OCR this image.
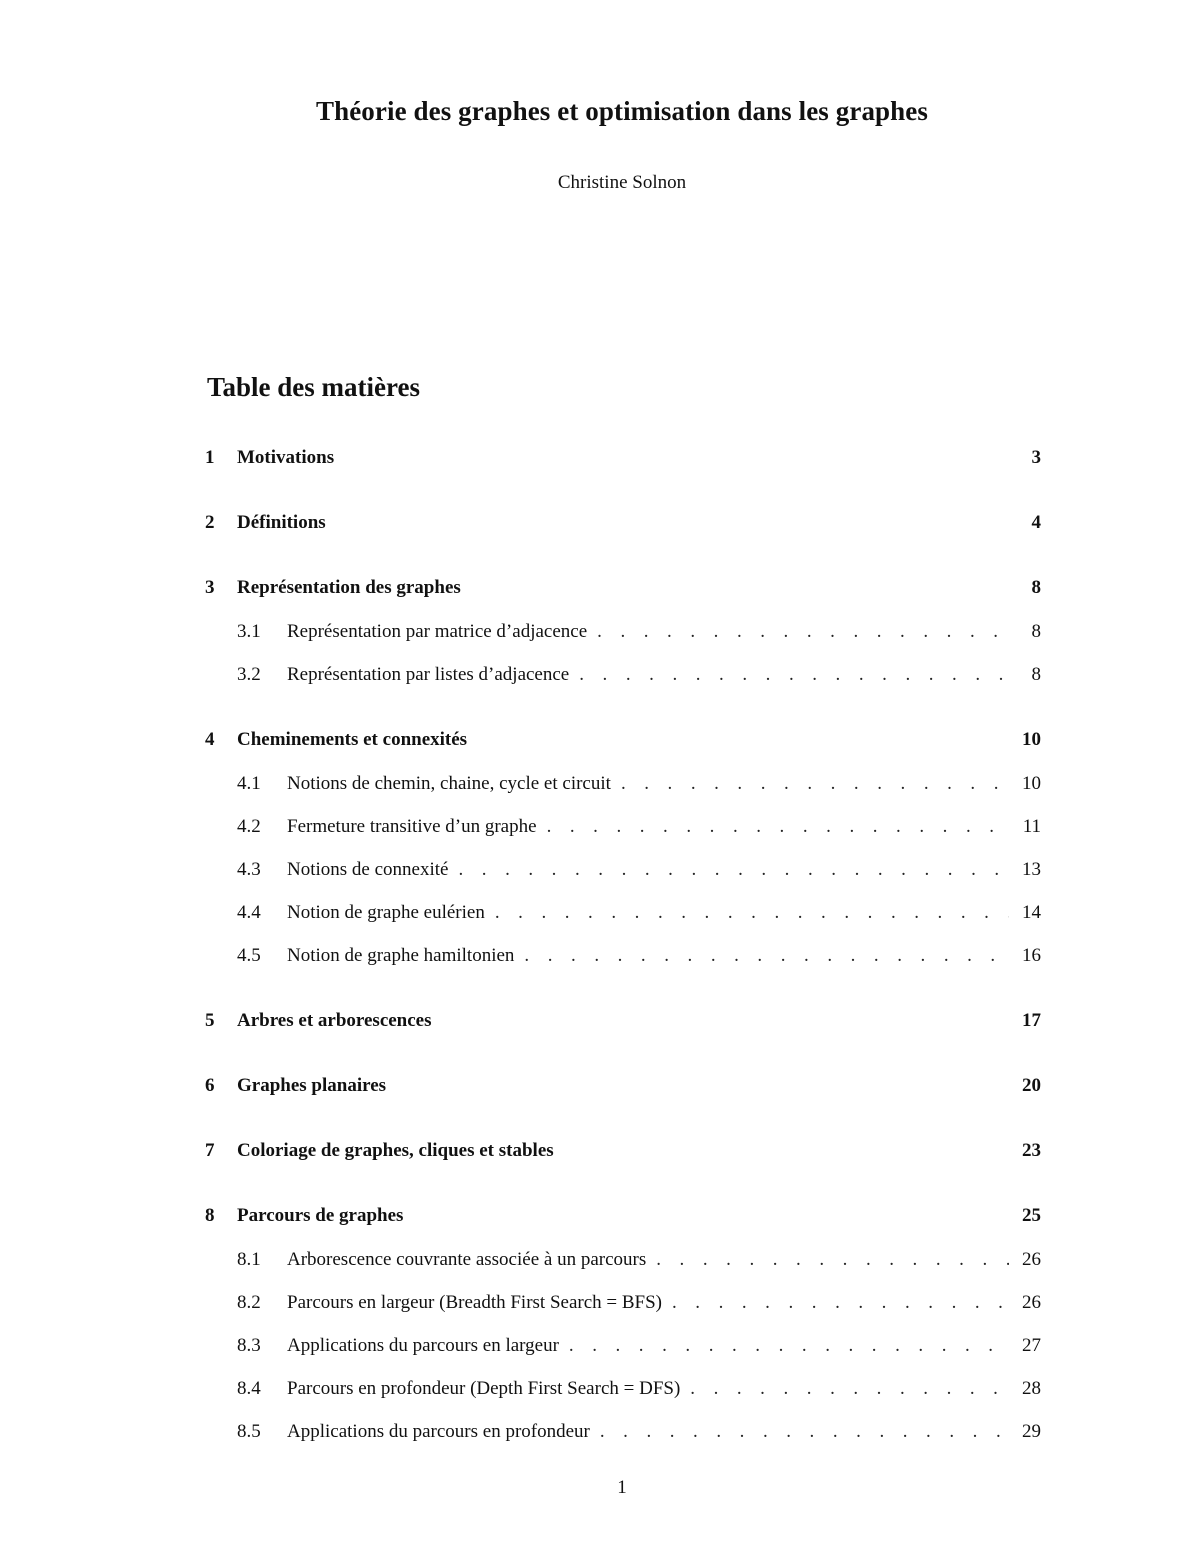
Théorie des graphes et optimisation dans les graphes
Christine Solnon
Table des matières
1	Motivations	3
2	Définitions	4
3	Représentation des graphes	8
3.1	Représentation par matrice d’adjacence . . .	8
3.2	Représentation par listes d’adjacence . . .	8
4	Cheminements et connexités	10
4.1	Notions de chemin, chaine, cycle et circuit . . .	10
4.2	Fermeture transitive d’un graphe . . .	11
4.3	Notions de connexité . . .	13
4.4	Notion de graphe eulérien . . .	14
4.5	Notion de graphe hamiltonien . . .	16
5	Arbres et arborescences	17
6	Graphes planaires	20
7	Coloriage de graphes, cliques et stables	23
8	Parcours de graphes	25
8.1	Arborescence couvrante associée à un parcours . . .	26
8.2	Parcours en largeur (Breadth First Search = BFS) . . .	26
8.3	Applications du parcours en largeur . . .	27
8.4	Parcours en profondeur (Depth First Search = DFS) . . .	28
8.5	Applications du parcours en profondeur . . .	29
1
